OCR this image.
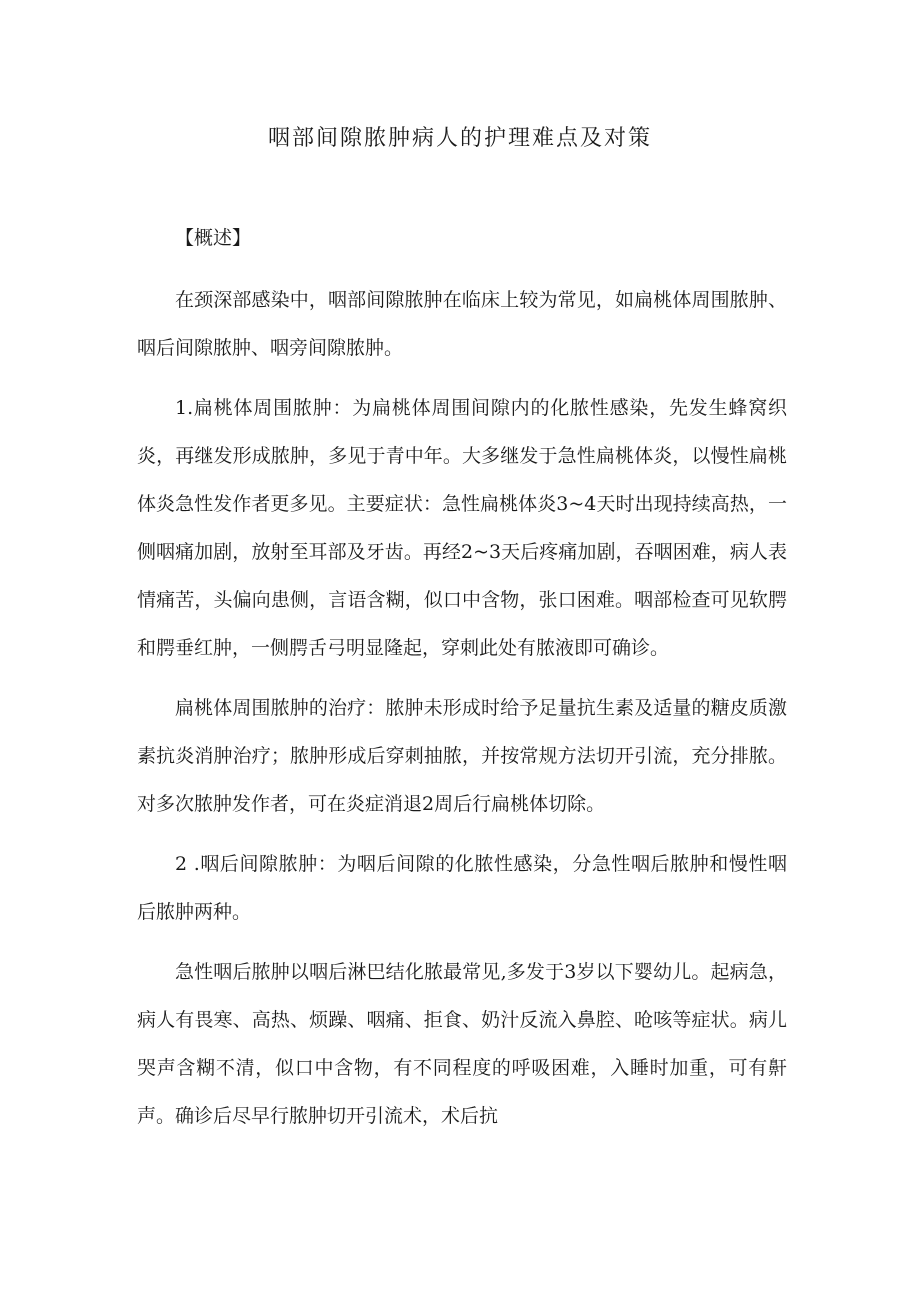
咽部间隙脓肿病人的护理难点及对策

【概述】

在颈深部感染中，咽部间隙脓肿在临床上较为常见，如扁桃体周围脓肿、咽后间隙脓肿、咽旁间隙脓肿。

1.扁桃体周围脓肿：为扁桃体周围间隙内的化脓性感染，先发生蜂窝织炎，再继发形成脓肿，多见于青中年。大多继发于急性扁桃体炎，以慢性扁桃体炎急性发作者更多见。主要症状：急性扁桃体炎3~4天时出现持续高热，一侧咽痛加剧，放射至耳部及牙齿。再经2~3天后疼痛加剧，吞咽困难，病人表情痛苦，头偏向患侧，言语含糊，似口中含物，张口困难。咽部检查可见软腭和腭垂红肿，一侧腭舌弓明显隆起，穿刺此处有脓液即可确诊。

扁桃体周围脓肿的治疗：脓肿未形成时给予足量抗生素及适量的糖皮质激素抗炎消肿治疗；脓肿形成后穿刺抽脓，并按常规方法切开引流，充分排脓。对多次脓肿发作者，可在炎症消退2周后行扁桃体切除。

2 .咽后间隙脓肿：为咽后间隙的化脓性感染，分急性咽后脓肿和慢性咽后脓肿两种。

急性咽后脓肿以咽后淋巴结化脓最常见,多发于3岁以下婴幼儿。起病急，病人有畏寒、高热、烦躁、咽痛、拒食、奶汁反流入鼻腔、呛咳等症状。病儿哭声含糊不清，似口中含物，有不同程度的呼吸困难，入睡时加重，可有鼾声。确诊后尽早行脓肿切开引流术，术后抗
